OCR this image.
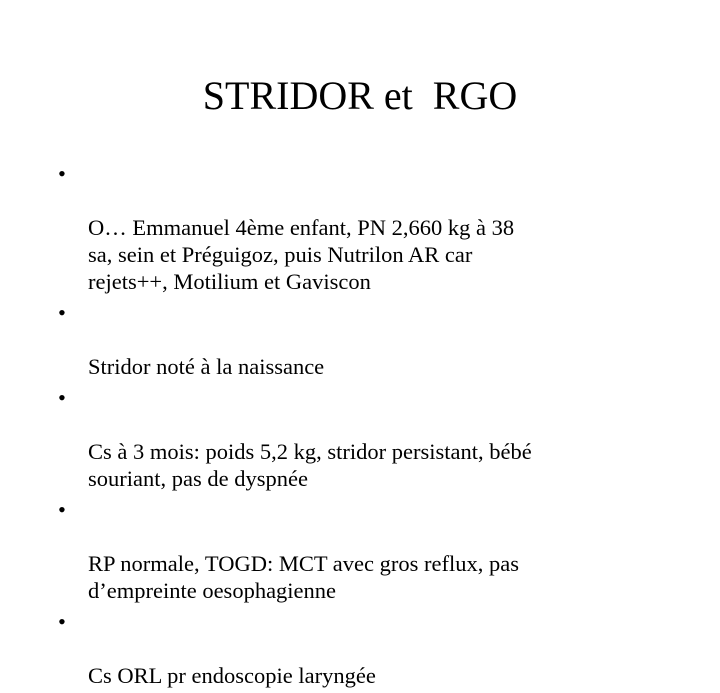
STRIDOR et  RGO

•

O… Emmanuel 4ème enfant, PN 2,660 kg à 38
sa, sein et Préguigoz, puis Nutrilon AR car
rejets++, Motilium et Gaviscon

•

Stridor noté à la naissance

•

Cs à 3 mois: poids 5,2 kg, stridor persistant, bébé
souriant, pas de dyspnée

•

RP normale, TOGD: MCT avec gros reflux, pas
d’empreinte oesophagienne

•

Cs ORL pr endoscopie laryngée
